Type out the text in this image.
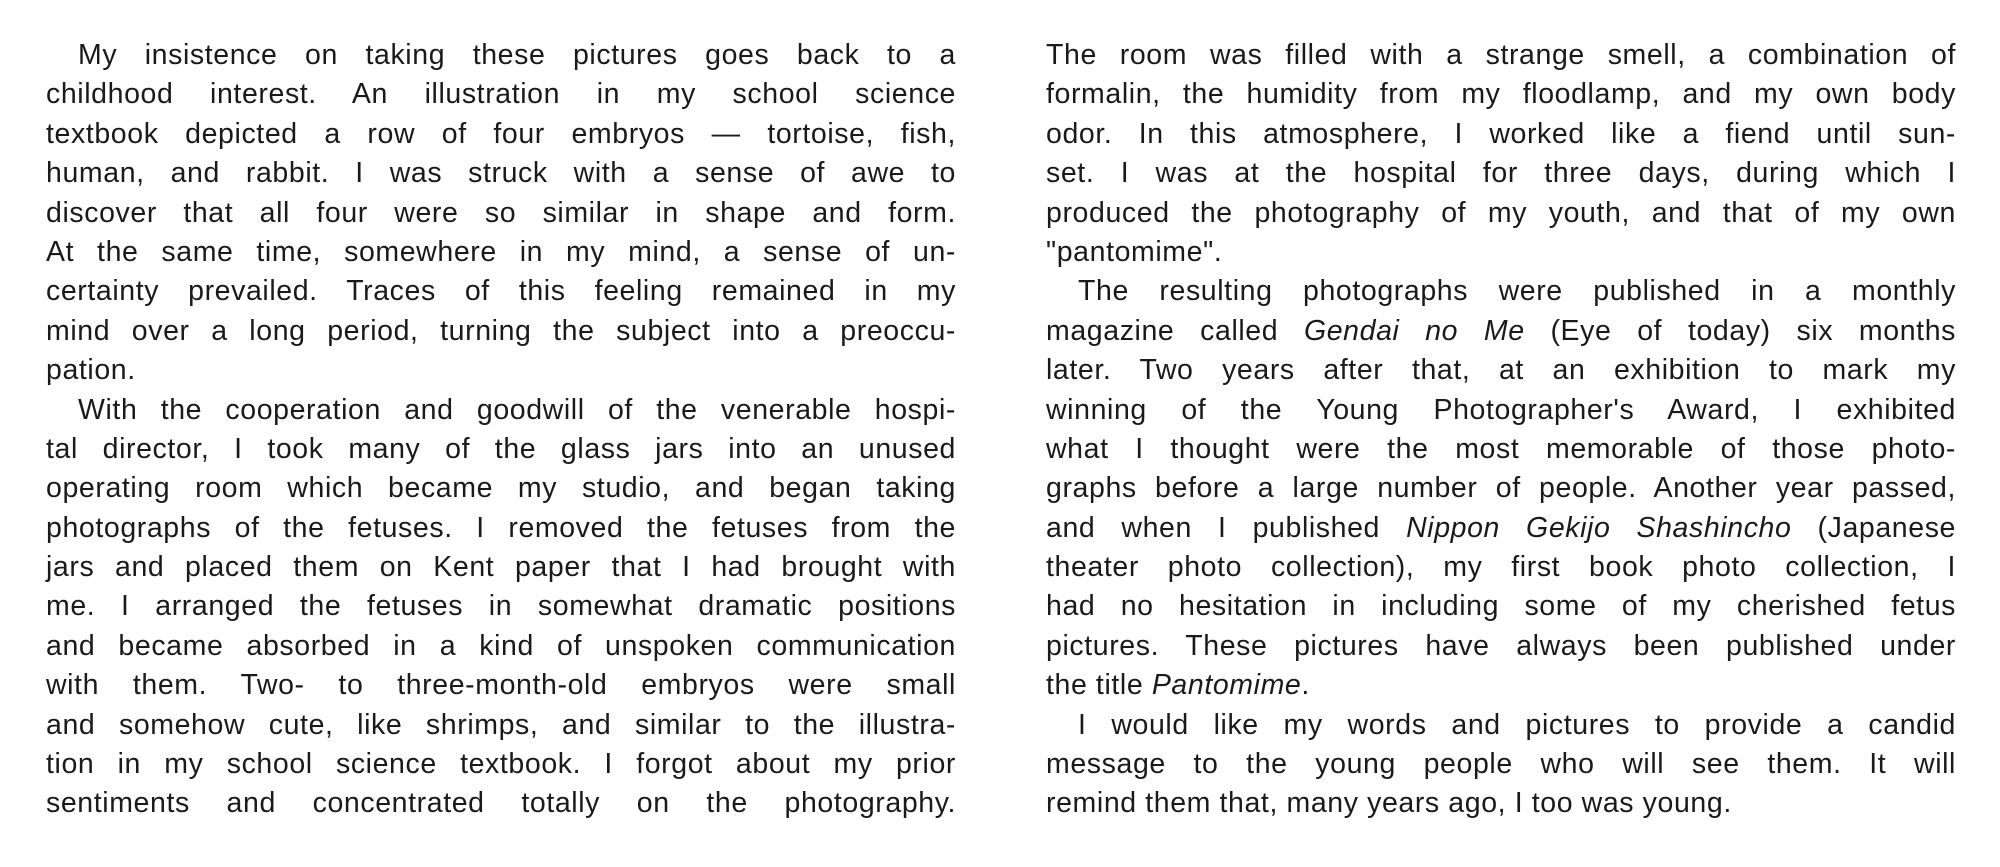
My insistence on taking these pictures goes back to a
childhood interest. An illustration in my school science
textbook depicted a row of four embryos — tortoise, fish,
human, and rabbit. I was struck with a sense of awe to
discover that all four were so similar in shape and form.
At the same time, somewhere in my mind, a sense of un-
certainty prevailed. Traces of this feeling remained in my
mind over a long period, turning the subject into a preoccu-
pation.
With the cooperation and goodwill of the venerable hospi-
tal director, I took many of the glass jars into an unused
operating room which became my studio, and began taking
photographs of the fetuses. I removed the fetuses from the
jars and placed them on Kent paper that I had brought with
me. I arranged the fetuses in somewhat dramatic positions
and became absorbed in a kind of unspoken communication
with them. Two- to three-month-old embryos were small
and somehow cute, like shrimps, and similar to the illustra-
tion in my school science textbook. I forgot about my prior
sentiments and concentrated totally on the photography.
The room was filled with a strange smell, a combination of
formalin, the humidity from my floodlamp, and my own body
odor. In this atmosphere, I worked like a fiend until sun-
set. I was at the hospital for three days, during which I
produced the photography of my youth, and that of my own
"pantomime".
The resulting photographs were published in a monthly
magazine called Gendai no Me (Eye of today) six months
later. Two years after that, at an exhibition to mark my
winning of the Young Photographer's Award, I exhibited
what I thought were the most memorable of those photo-
graphs before a large number of people. Another year passed,
and when I published Nippon Gekijo Shashincho (Japanese
theater photo collection), my first book photo collection, I
had no hesitation in including some of my cherished fetus
pictures. These pictures have always been published under
the title Pantomime.
I would like my words and pictures to provide a candid
message to the young people who will see them. It will
remind them that, many years ago, I too was young.
